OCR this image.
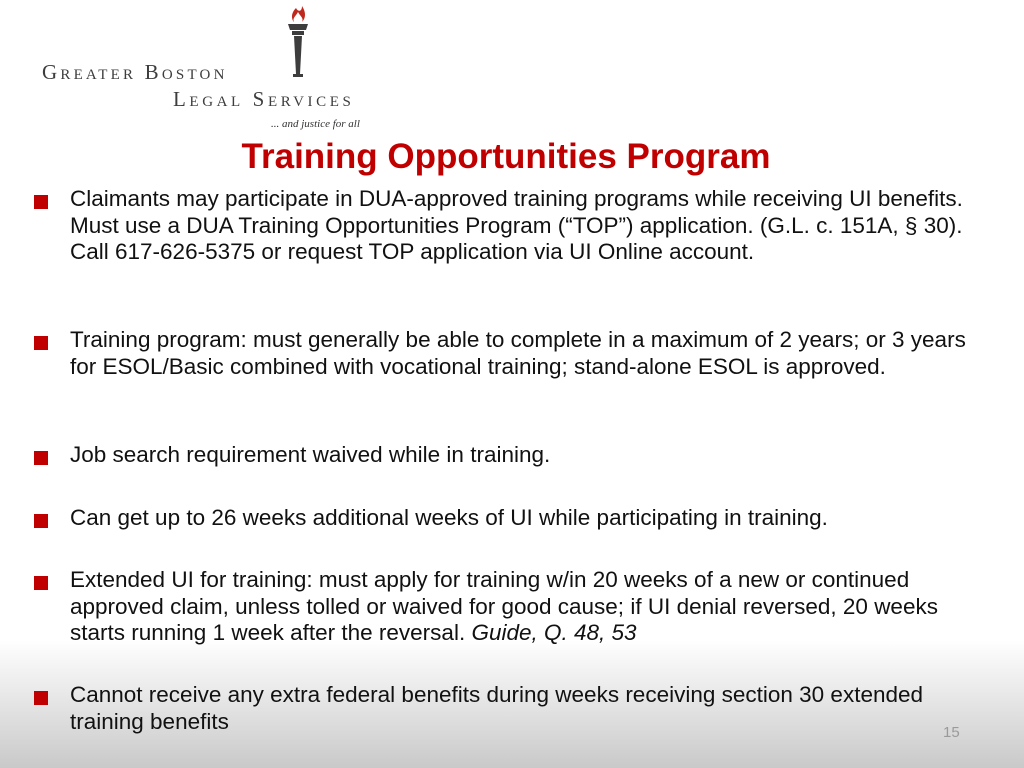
Greater Boston

Legal Services

... and justice for all

Training Opportunities Program

Claimants may participate in DUA-approved training programs while receiving UI benefits. Must use a DUA Training Opportunities Program (“TOP”) application. (G.L. c. 151A, § 30). Call 617-626-5375 or request TOP application via UI Online account.

Training program: must generally be able to complete in a maximum of 2 years; or 3 years for ESOL/Basic combined with vocational training; stand-alone ESOL is approved.

Job search requirement waived while in training.

Can get up to 26 weeks additional weeks of UI while participating in training.

Extended UI for training: must apply for training w/in 20 weeks of a new or continued approved claim, unless tolled or waived for good cause; if UI denial reversed, 20 weeks starts running 1 week after the reversal. Guide, Q. 48, 53

Cannot receive any extra federal benefits during weeks receiving section 30 extended training benefits	15
